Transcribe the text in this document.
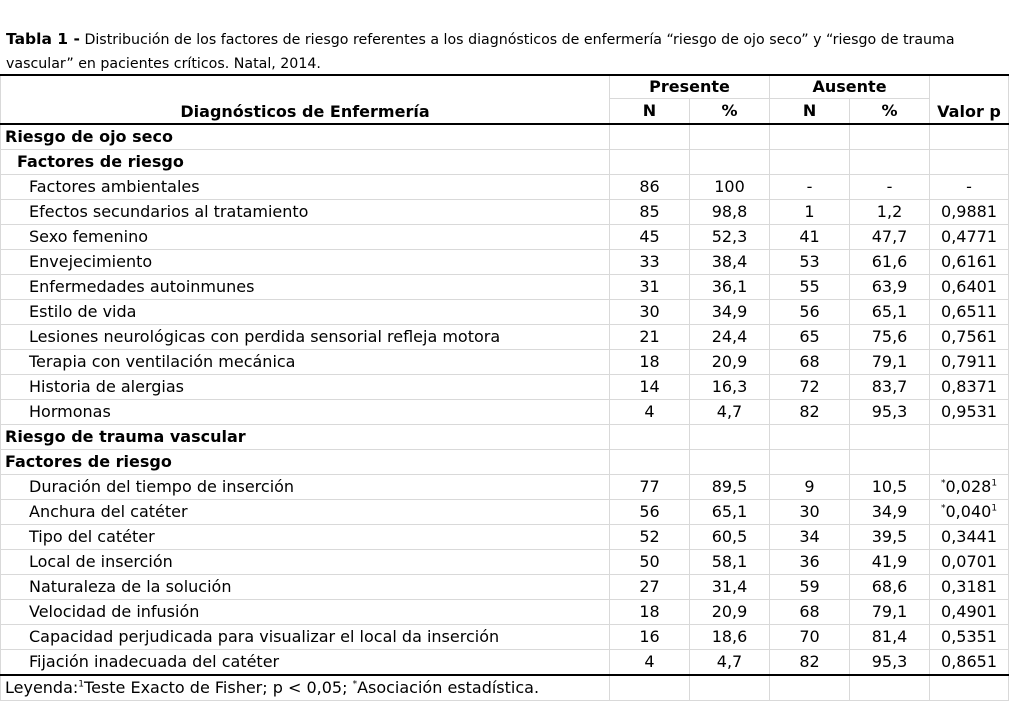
Tabla 1 - Distribución de los factores de riesgo referentes a los diagnósticos de enfermería “riesgo de ojo seco” y “riesgo de trauma vascular” en pacientes críticos. Natal, 2014.
Diagnósticos de Enfermería	Presente		Ausente		Valor p
	N	%	N	%	
Riesgo de ojo seco					
Factores de riesgo					
Factores ambientales	86	100	-	-	-
Efectos secundarios al tratamiento	85	98,8	1	1,2	0,9881
Sexo femenino	45	52,3	41	47,7	0,4771
Envejecimiento	33	38,4	53	61,6	0,6161
Enfermedades autoinmunes	31	36,1	55	63,9	0,6401
Estilo de vida	30	34,9	56	65,1	0,6511
Lesiones neurológicas con perdida sensorial refleja motora	21	24,4	65	75,6	0,7561
Terapia con ventilación mecánica	18	20,9	68	79,1	0,7911
Historia de alergias	14	16,3	72	83,7	0,8371
Hormonas	4	4,7	82	95,3	0,9531
Riesgo de trauma vascular					
Factores de riesgo					
Duración del tiempo de inserción	77	89,5	9	10,5	*0,028$^1$
Anchura del catéter	56	65,1	30	34,9	*0,040$^1$
Tipo del catéter	52	60,5	34	39,5	0,3441
Local de inserción	50	58,1	36	41,9	0,0701
Naturaleza de la solución	27	31,4	59	68,6	0,3181
Velocidad de infusión	18	20,9	68	79,1	0,4901
Capacidad perjudicada para visualizar el local da inserción	16	18,6	70	81,4	0,5351
Fijación inadecuada del catéter	4	4,7	82	95,3	0,8651
Leyenda:$^1$Teste Exacto de Fisher; p < 0,05; *Asociación estadística.					
